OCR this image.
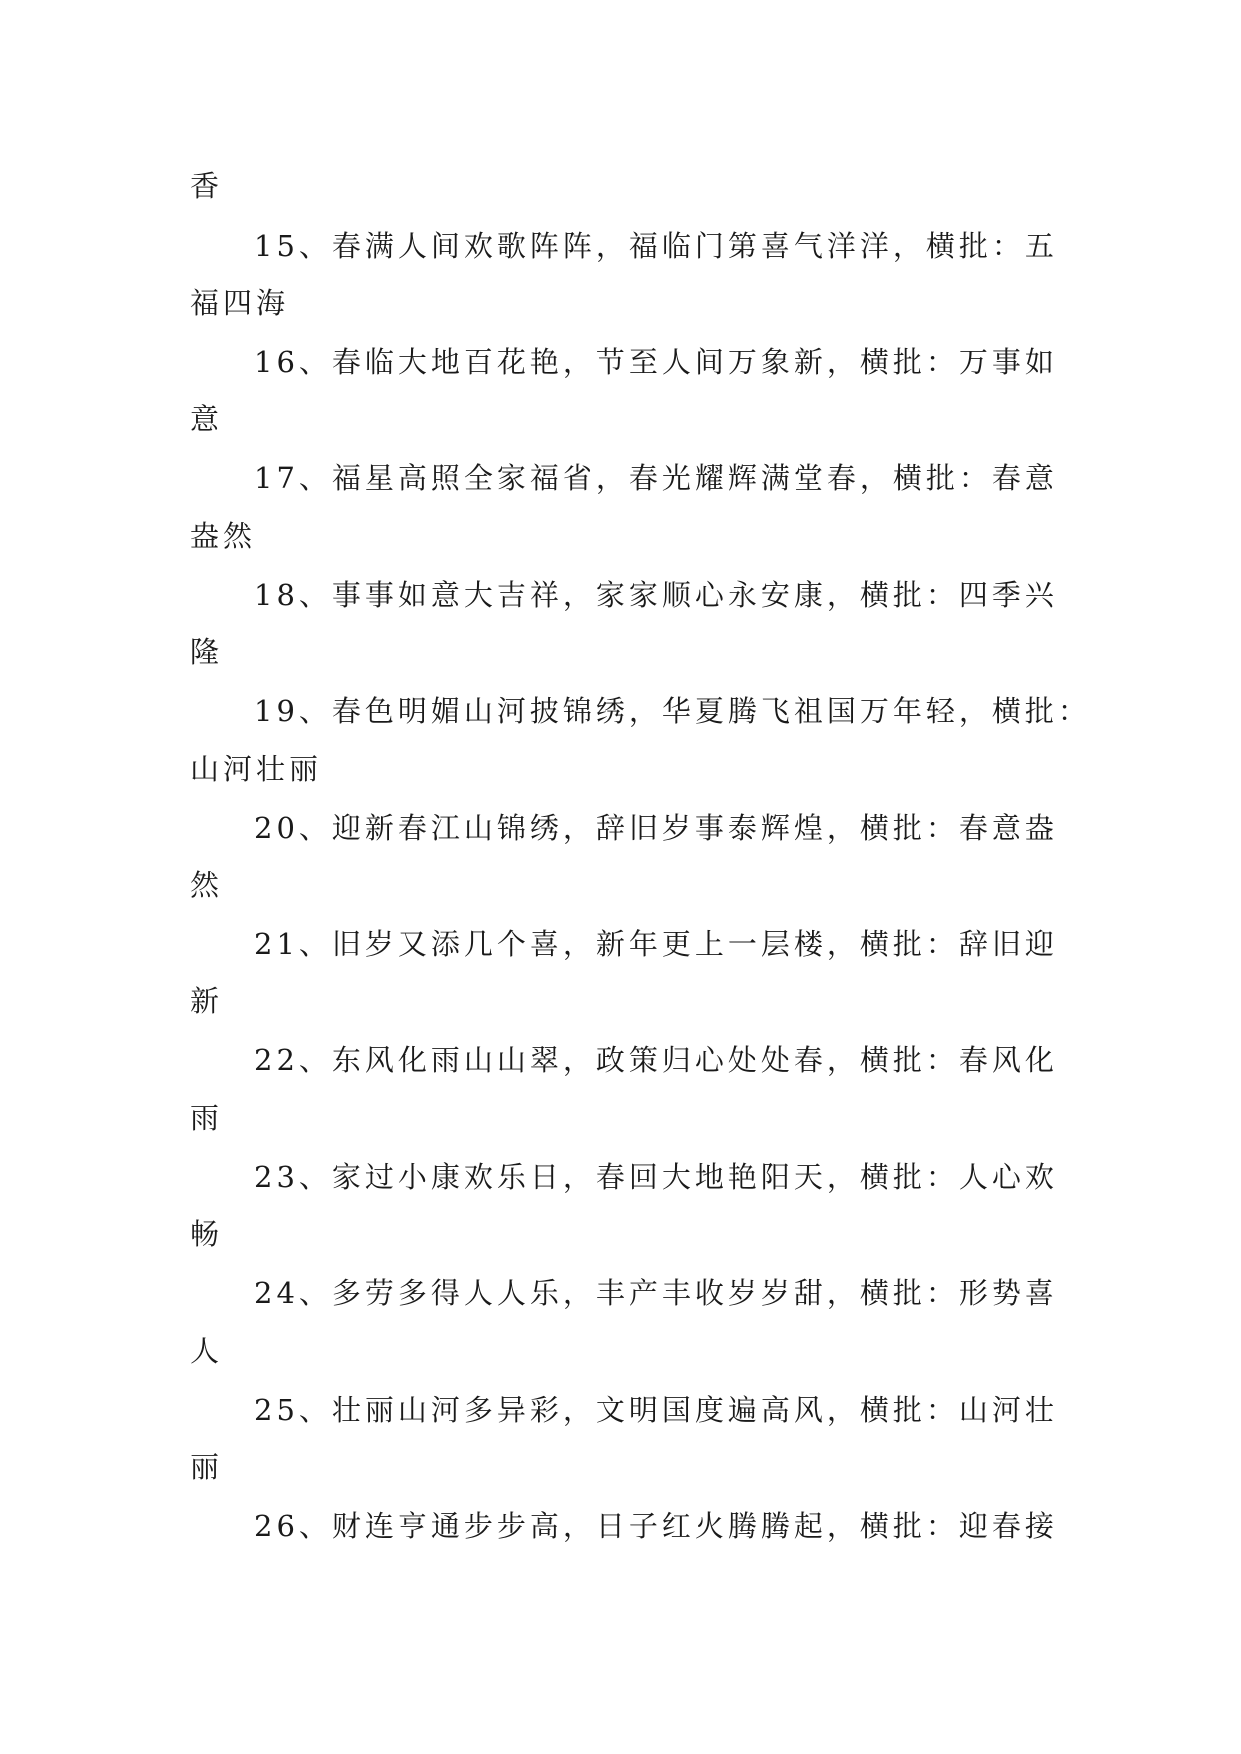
香
15、春满人间欢歌阵阵，福临门第喜气洋洋，横批：五
福四海
16、春临大地百花艳，节至人间万象新，横批：万事如
意
17、福星高照全家福省，春光耀辉满堂春，横批：春意
盎然
18、事事如意大吉祥，家家顺心永安康，横批：四季兴
隆
19、春色明媚山河披锦绣，华夏腾飞祖国万年轻，横批：
山河壮丽
20、迎新春江山锦绣，辞旧岁事泰辉煌，横批：春意盎
然
21、旧岁又添几个喜，新年更上一层楼，横批：辞旧迎
新
22、东风化雨山山翠，政策归心处处春，横批：春风化
雨
23、家过小康欢乐日，春回大地艳阳天，横批：人心欢
畅
24、多劳多得人人乐，丰产丰收岁岁甜，横批：形势喜
人
25、壮丽山河多异彩，文明国度遍高风，横批：山河壮
丽
26、财连亨通步步高，日子红火腾腾起，横批：迎春接
